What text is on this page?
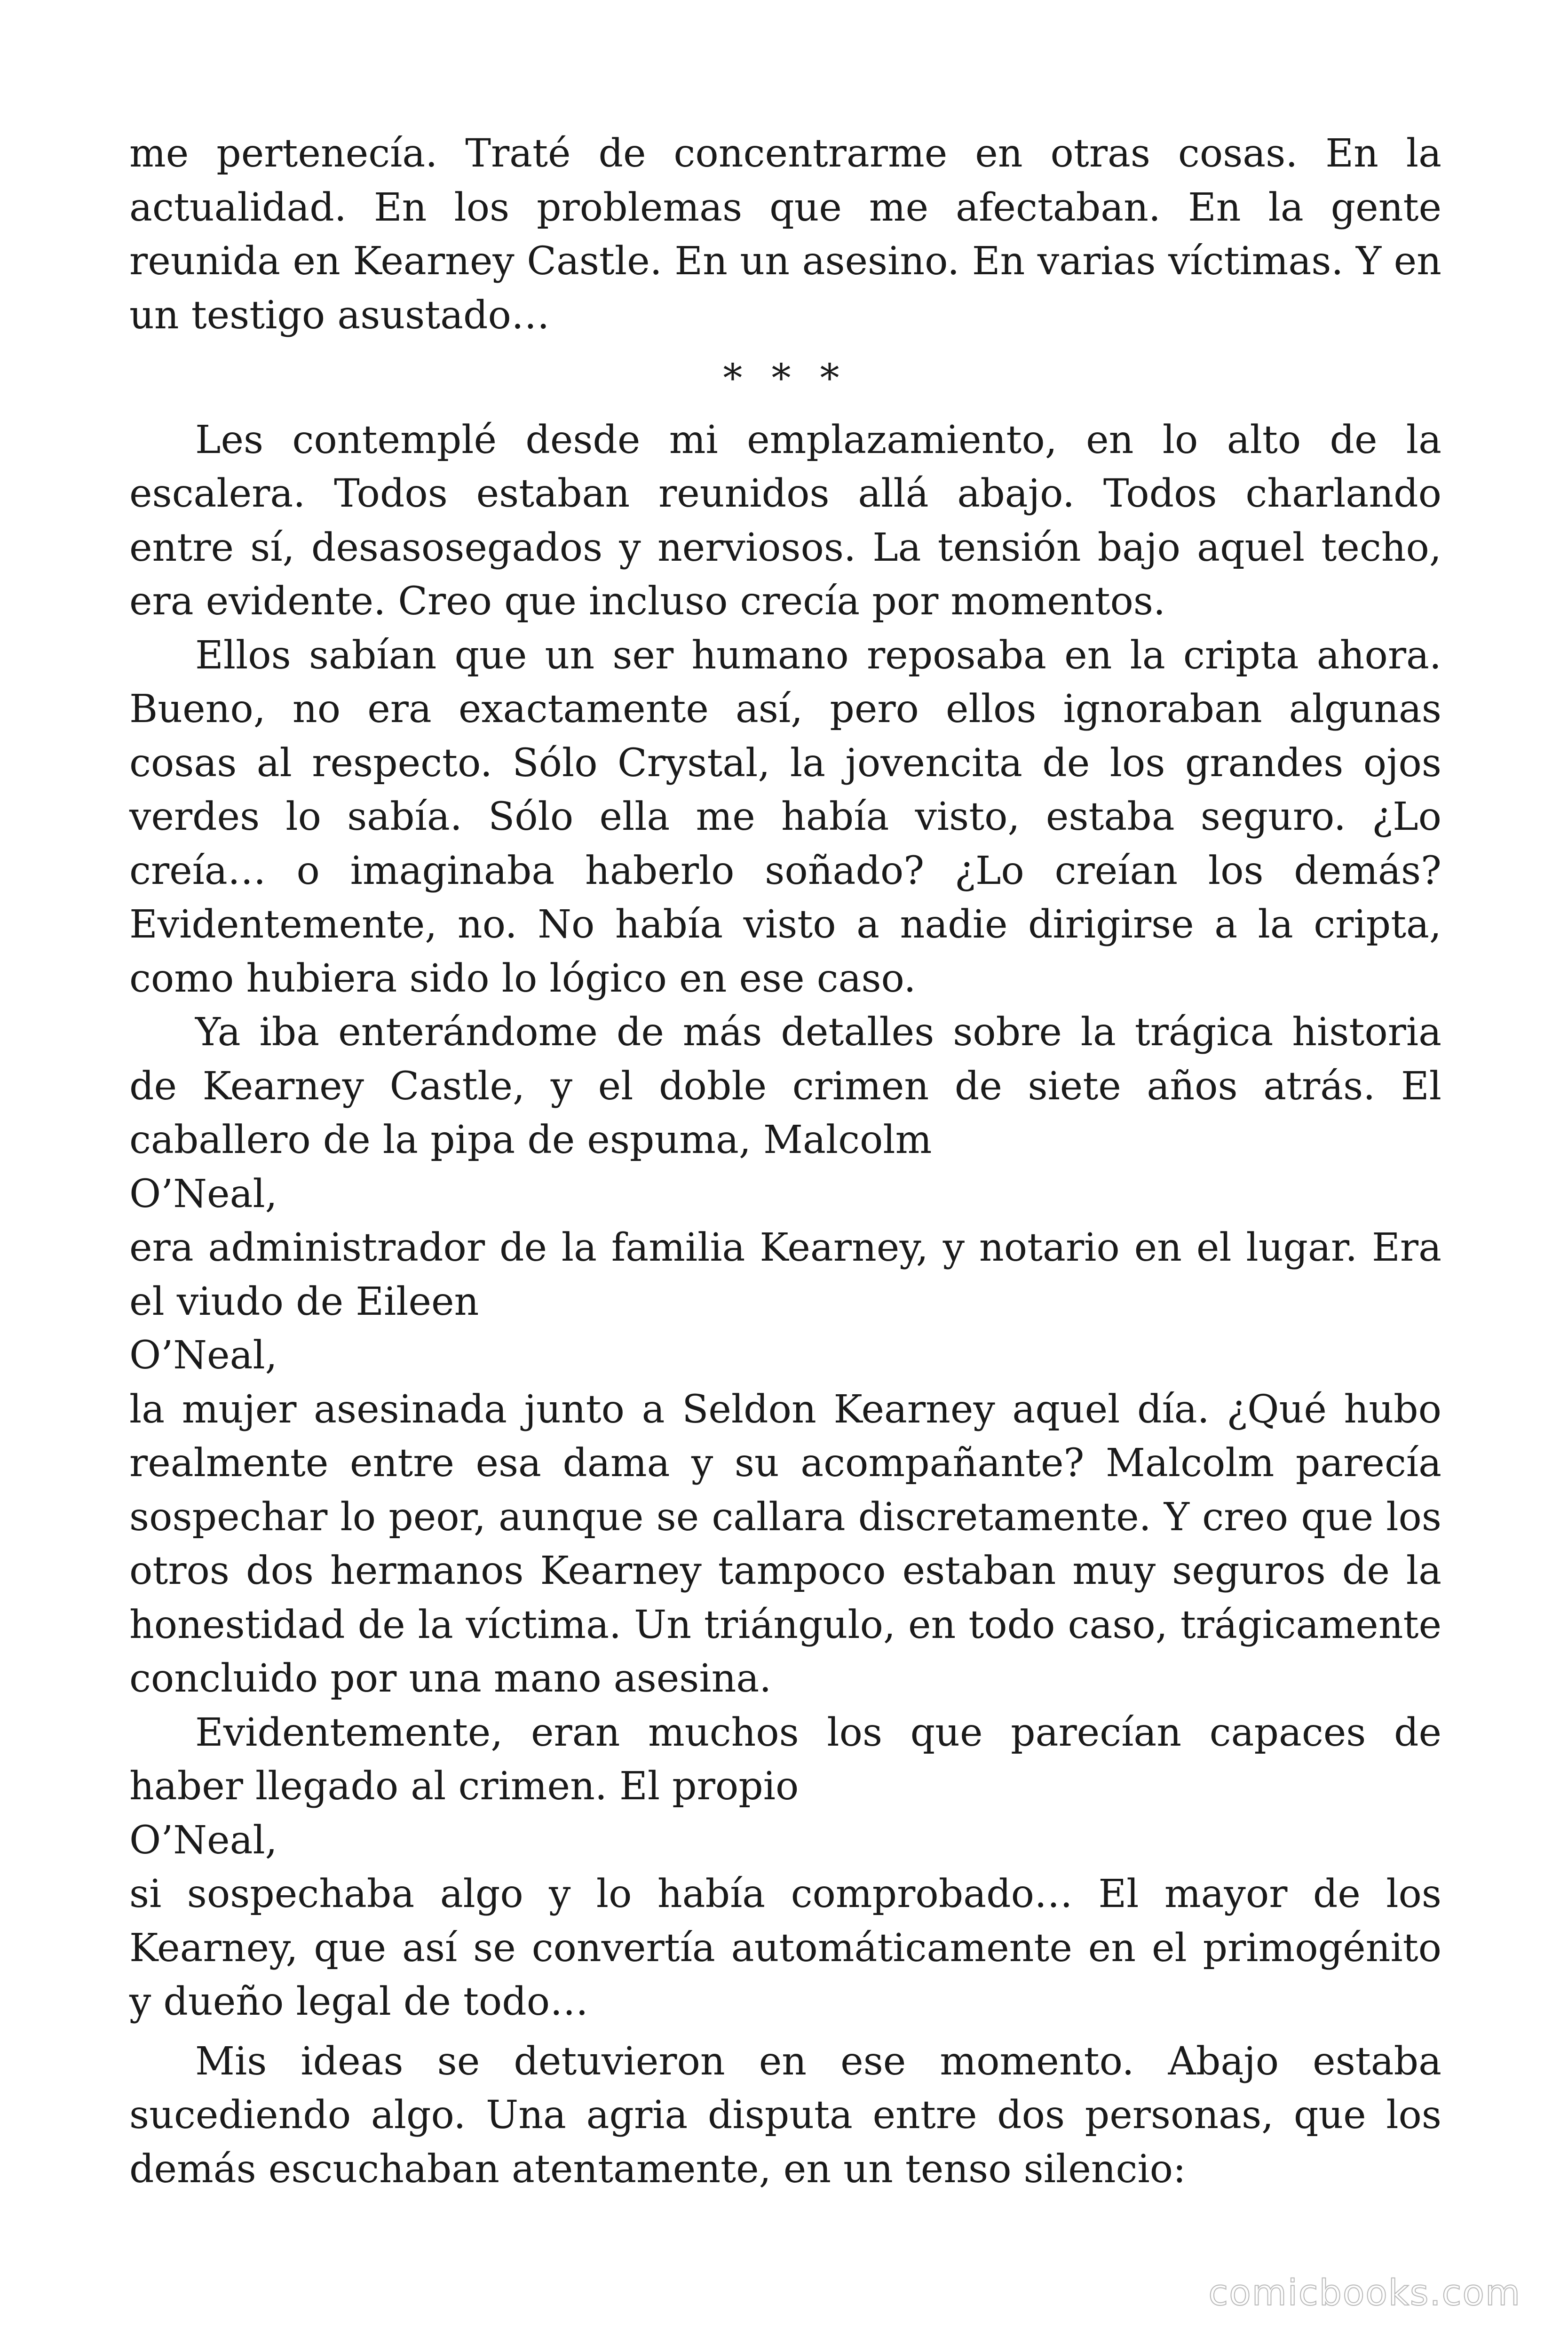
me pertenecía. Traté de concentrarme en otras cosas. En la actualidad. En los problemas que me afectaban. En la gente reunida en Kearney Castle. En un asesino. En varias víctimas. Y en un testigo asustado…

* * *

Les contemplé desde mi emplazamiento, en lo alto de la escalera. Todos estaban reunidos allá abajo. Todos charlando entre sí, desasosegados y nerviosos. La tensión bajo aquel techo, era evidente. Creo que incluso crecía por momentos.

Ellos sabían que un ser humano reposaba en la cripta ahora. Bueno, no era exactamente así, pero ellos ignoraban algunas cosas al respecto. Sólo Crystal, la jovencita de los grandes ojos verdes lo sabía. Sólo ella me había visto, estaba seguro. ¿Lo creía… o imaginaba haberlo soñado? ¿Lo creían los demás? Evidentemente, no. No había visto a nadie dirigirse a la cripta, como hubiera sido lo lógico en ese caso.

Ya iba enterándome de más detalles sobre la trágica historia de Kearney Castle, y el doble crimen de siete años atrás. El caballero de la pipa de espuma, Malcolm

O’Neal,

era administrador de la familia Kearney, y notario en el lugar. Era el viudo de Eileen

O’Neal,

la mujer asesinada junto a Seldon Kearney aquel día. ¿Qué hubo realmente entre esa dama y su acompañante? Malcolm parecía sospechar lo peor, aunque se callara discretamente. Y creo que los otros dos hermanos Kearney tampoco estaban muy seguros de la honestidad de la víctima. Un triángulo, en todo caso, trágicamente concluido por una mano asesina.

Evidentemente, eran muchos los que parecían capaces de haber llegado al crimen. El propio

O’Neal,

si sospechaba algo y lo había comprobado… El mayor de los Kearney, que así se convertía automáticamente en el primogénito y dueño legal de todo…

Mis ideas se detuvieron en ese momento. Abajo estaba sucediendo algo. Una agria disputa entre dos personas, que los demás escuchaban atentamente, en un tenso silencio:

comicbooks.com
